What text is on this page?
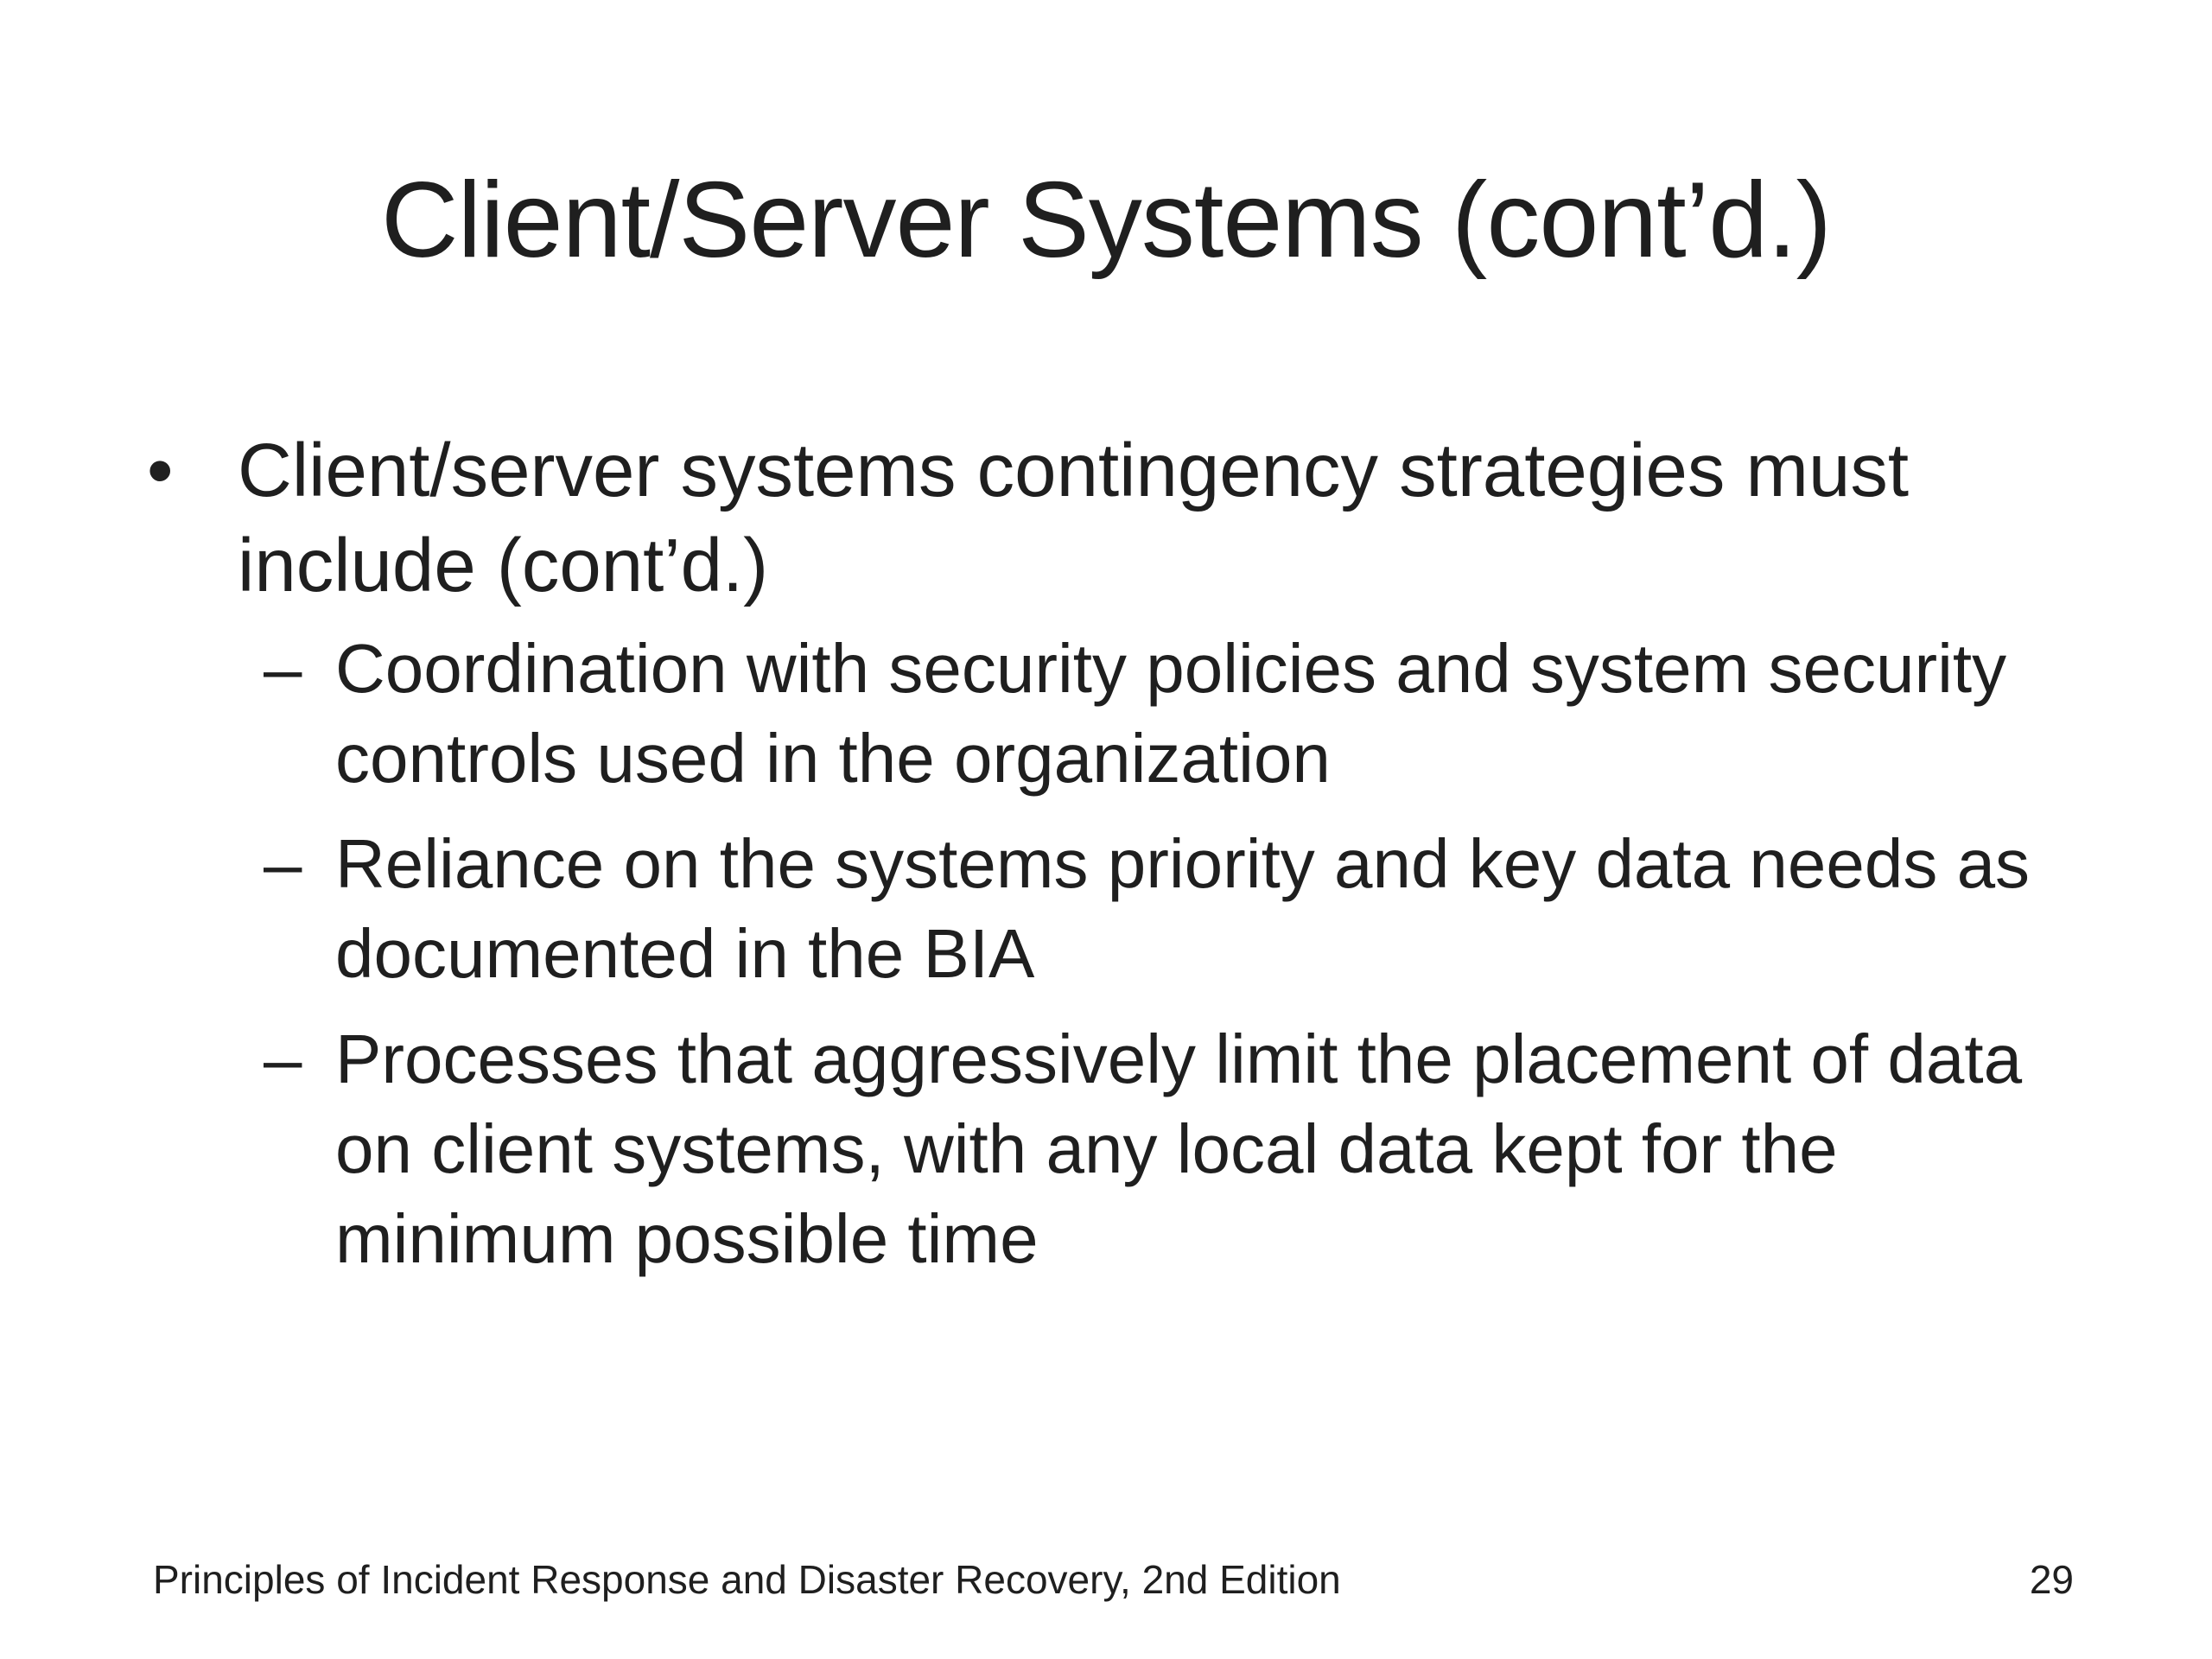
Client/Server Systems (cont’d.)
• Client/server systems contingency strategies must include (cont’d.)
– Coordination with security policies and system security controls used in the organization
– Reliance on the systems priority and key data needs as documented in the BIA
– Processes that aggressively limit the placement of data on client systems, with any local data kept for the minimum possible time
Principles of Incident Response and Disaster Recovery, 2nd Edition	29
